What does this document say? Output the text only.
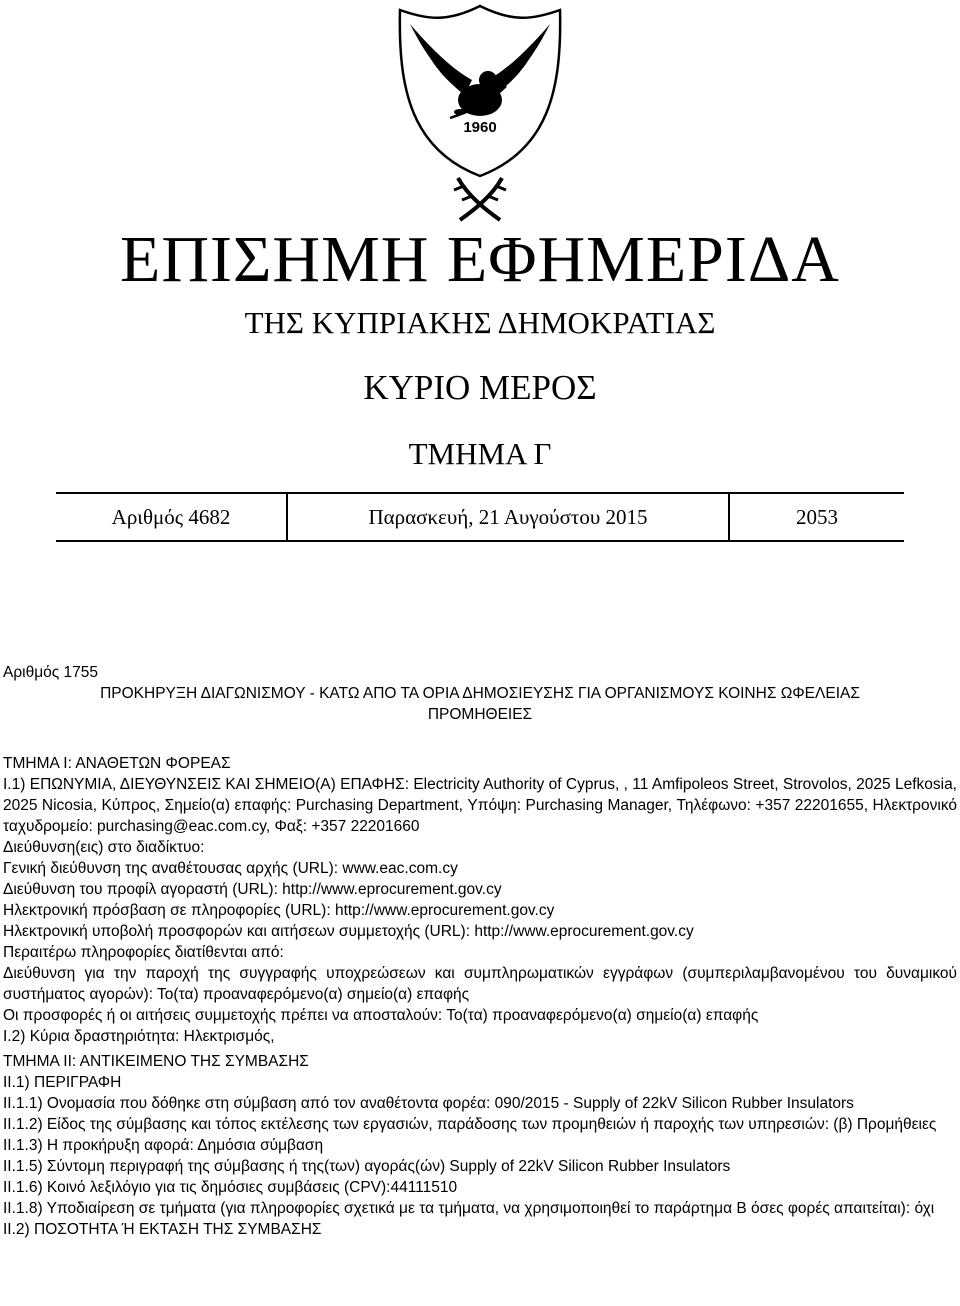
1960
ΕΠΙΣΗΜΗ ΕΦΗΜΕΡΙΔΑ
ΤΗΣ ΚΥΠΡΙΑΚΗΣ ΔΗΜΟΚΡΑΤΙΑΣ
ΚΥΡΙΟ ΜΕΡΟΣ
ΤΜΗΜΑ Γ
Αριθμός 4682	Παρασκευή, 21 Αυγούστου 2015	2053

Αριθμός 1755

ΠΡΟΚΗΡΥΞΗ ΔΙΑΓΩΝΙΣΜΟΥ - ΚΑΤΩ ΑΠΟ ΤΑ ΟΡΙΑ ΔΗΜΟΣΙΕΥΣΗΣ ΓΙΑ ΟΡΓΑΝΙΣΜΟΥΣ ΚΟΙΝΗΣ ΩΦΕΛΕΙΑΣ

ΠΡΟΜΗΘΕΙΕΣ

ΤΜΗΜΑ Ι: ΑΝΑΘΕΤΩΝ ΦΟΡΕΑΣ

Ι.1) ΕΠΩΝΥΜΙΑ, ΔΙΕΥΘΥΝΣΕΙΣ ΚΑΙ ΣΗΜΕΙΟ(Α) ΕΠΑΦΗΣ: Electricity Authority of Cyprus, , 11 Amfipoleos Street, Strovolos, 2025 Lefkosia, 2025 Nicosia, Κύπρος, Σημείο(α) επαφής: Purchasing Department, Υπόψη: Purchasing Manager, Τηλέφωνο: +357 22201655, Ηλεκτρονικό ταχυδρομείο: purchasing@eac.com.cy, Φαξ: +357 22201660

Διεύθυνση(εις) στο διαδίκτυο:

Γενική διεύθυνση της αναθέτουσας αρχής (URL): www.eac.com.cy

Διεύθυνση του προφίλ αγοραστή (URL): http://www.eprocurement.gov.cy

Ηλεκτρονική πρόσβαση σε πληροφορίες (URL): http://www.eprocurement.gov.cy

Ηλεκτρονική υποβολή προσφορών και αιτήσεων συμμετοχής (URL): http://www.eprocurement.gov.cy

Περαιτέρω πληροφορίες διατίθενται από:

Διεύθυνση για την παροχή της συγγραφής υποχρεώσεων και συμπληρωματικών εγγράφων (συμπεριλαμβανομένου του δυναμικού συστήματος αγορών): Το(τα) προαναφερόμενο(α) σημείο(α) επαφής

Οι προσφορές ή οι αιτήσεις συμμετοχής πρέπει να αποσταλούν: Το(τα) προαναφερόμενο(α) σημείο(α) επαφής

Ι.2) Κύρια δραστηριότητα: Ηλεκτρισμός,

ΤΜΗΜΑ ΙΙ: ΑΝΤΙΚΕΙΜΕΝΟ ΤΗΣ ΣΥΜΒΑΣΗΣ

ΙΙ.1) ΠΕΡΙΓΡΑΦΗ

ΙΙ.1.1) Ονομασία που δόθηκε στη σύμβαση από τον αναθέτοντα φορέα: 090/2015 - Supply of 22kV Silicon Rubber Insulators

ΙΙ.1.2) Είδος της σύμβασης και τόπος εκτέλεσης των εργασιών, παράδοσης των προμηθειών ή παροχής των υπηρεσιών: (β) Προμήθειες

ΙΙ.1.3) Η προκήρυξη αφορά: Δημόσια σύμβαση

ΙΙ.1.5) Σύντομη περιγραφή της σύμβασης ή της(των) αγοράς(ών) Supply of 22kV Silicon Rubber Insulators

ΙΙ.1.6) Κοινό λεξιλόγιο για τις δημόσιες συμβάσεις (CPV):44111510

ΙΙ.1.8) Υποδιαίρεση σε τμήματα (για πληροφορίες σχετικά με τα τμήματα, να χρησιμοποιηθεί το παράρτημα Β όσες φορές απαιτείται): όχι

ΙΙ.2) ΠΟΣΟΤΗΤΑ Ή ΕΚΤΑΣΗ ΤΗΣ ΣΥΜΒΑΣΗΣ
